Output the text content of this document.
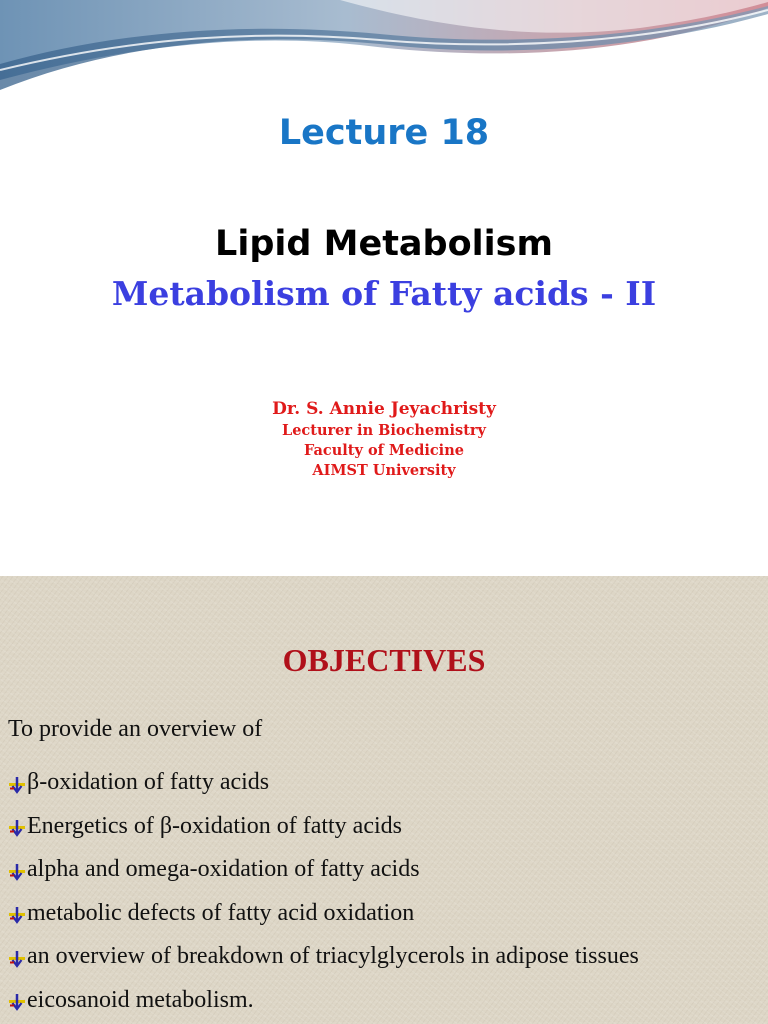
Lecture 18
Lipid Metabolism
Metabolism of Fatty acids - II
Dr. S. Annie Jeyachristy
Lecturer in Biochemistry
Faculty of Medicine
AIMST University
OBJECTIVES
To provide an overview of
β-oxidation of fatty acids
Energetics of β-oxidation of fatty acids
alpha and omega-oxidation of fatty acids
metabolic defects of fatty acid oxidation
an overview of breakdown of triacylglycerols in adipose tissues
eicosanoid metabolism.
